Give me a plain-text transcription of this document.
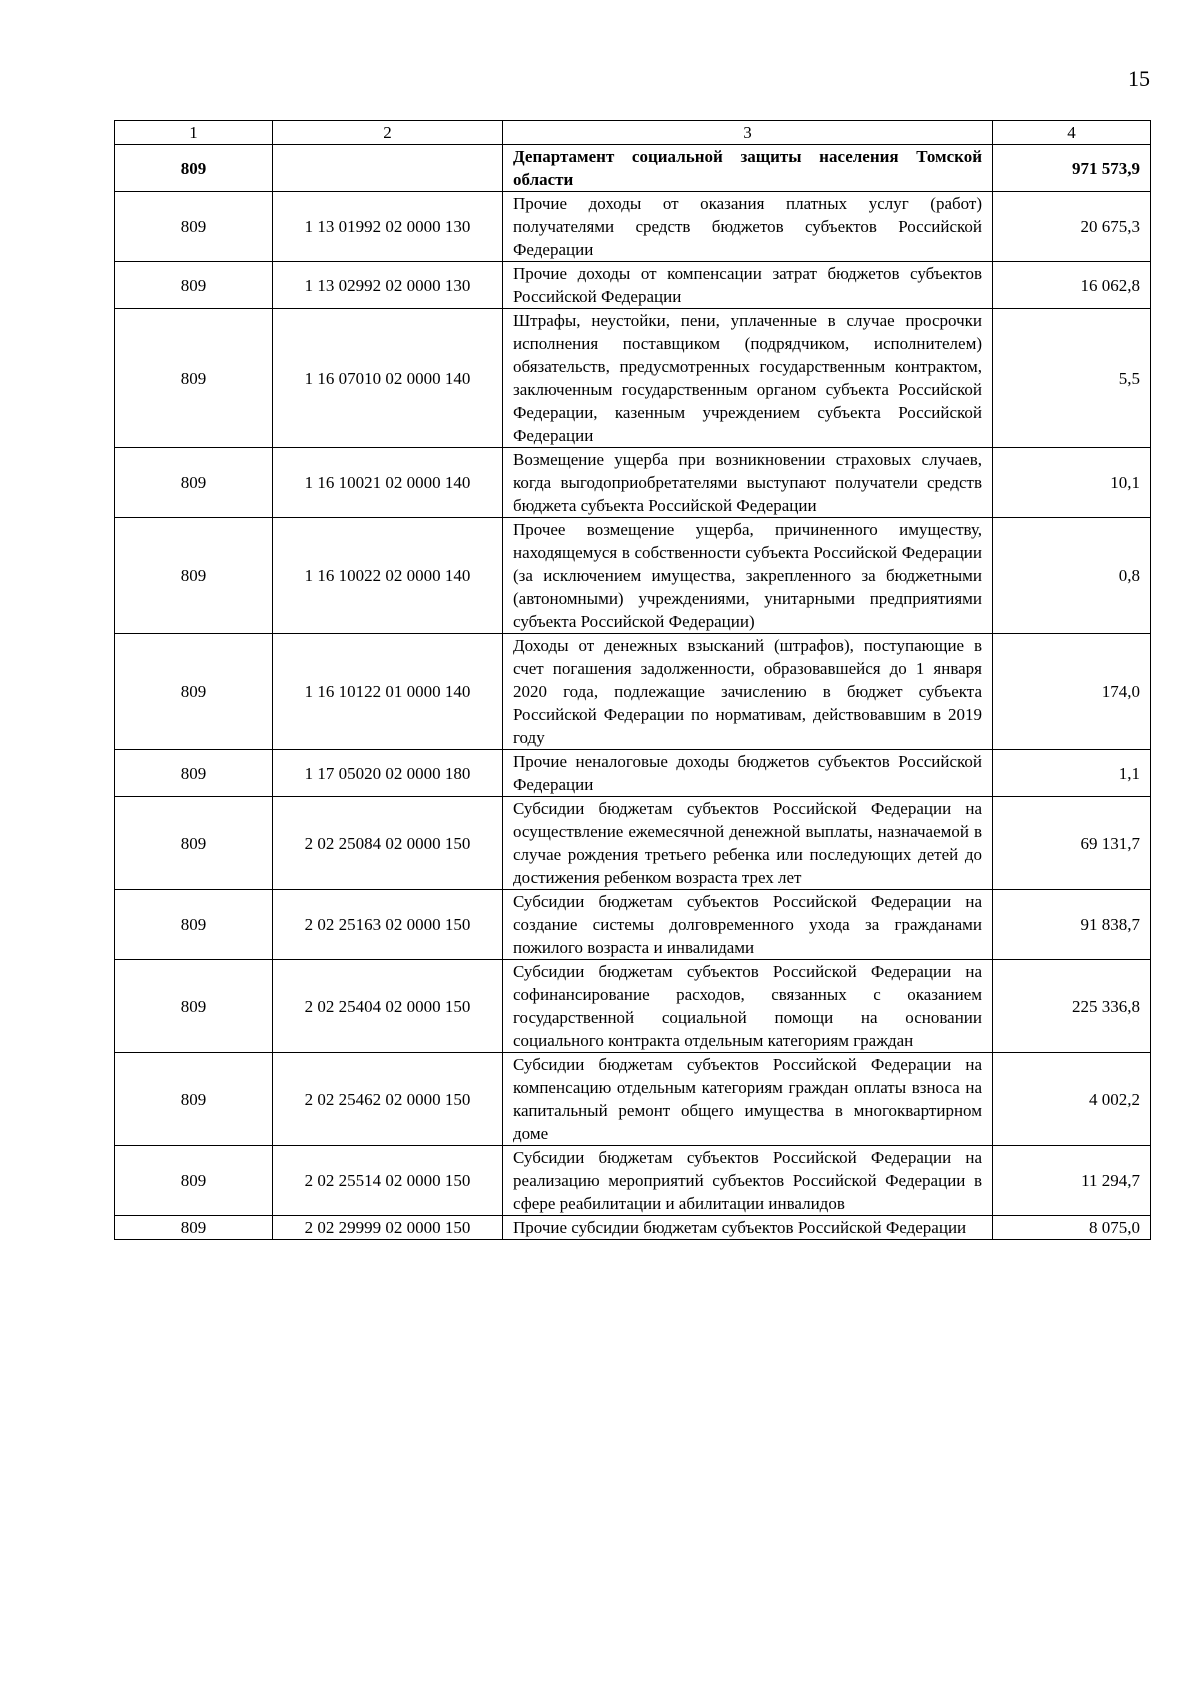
15
1	2	3	4
809		Департамент социальной защиты населения Томской области	971 573,9
809	1 13 01992 02 0000 130	Прочие доходы от оказания платных услуг (работ) получателями средств бюджетов субъектов Российской Федерации	20 675,3
809	1 13 02992 02 0000 130	Прочие доходы от компенсации затрат бюджетов субъектов Российской Федерации	16 062,8
809	1 16 07010 02 0000 140	Штрафы, неустойки, пени, уплаченные в случае просрочки исполнения поставщиком (подрядчиком, исполнителем) обязательств, предусмотренных государственным контрактом, заключенным государственным органом субъекта Российской Федерации, казенным учреждением субъекта Российской Федерации	5,5
809	1 16 10021 02 0000 140	Возмещение ущерба при возникновении страховых случаев, когда выгодоприобретателями выступают получатели средств бюджета субъекта Российской Федерации	10,1
809	1 16 10022 02 0000 140	Прочее возмещение ущерба, причиненного имуществу, находящемуся в собственности субъекта Российской Федерации (за исключением имущества, закрепленного за бюджетными (автономными) учреждениями, унитарными предприятиями субъекта Российской Федерации)	0,8
809	1 16 10122 01 0000 140	Доходы от денежных взысканий (штрафов), поступающие в счет погашения задолженности, образовавшейся до 1 января 2020 года, подлежащие зачислению в бюджет субъекта Российской Федерации по нормативам, действовавшим в 2019 году	174,0
809	1 17 05020 02 0000 180	Прочие неналоговые доходы бюджетов субъектов Российской Федерации	1,1
809	2 02 25084 02 0000 150	Субсидии бюджетам субъектов Российской Федерации на осуществление ежемесячной денежной выплаты, назначаемой в случае рождения третьего ребенка или последующих детей до достижения ребенком возраста трех лет	69 131,7
809	2 02 25163 02 0000 150	Субсидии бюджетам субъектов Российской Федерации на создание системы долговременного ухода за гражданами пожилого возраста и инвалидами	91 838,7
809	2 02 25404 02 0000 150	Субсидии бюджетам субъектов Российской Федерации на софинансирование расходов, связанных с оказанием государственной социальной помощи на основании социального контракта отдельным категориям граждан	225 336,8
809	2 02 25462 02 0000 150	Субсидии бюджетам субъектов Российской Федерации на компенсацию отдельным категориям граждан оплаты взноса на капитальный ремонт общего имущества в многоквартирном доме	4 002,2
809	2 02 25514 02 0000 150	Субсидии бюджетам субъектов Российской Федерации на реализацию мероприятий субъектов Российской Федерации в сфере реабилитации и абилитации инвалидов	11 294,7
809	2 02 29999 02 0000 150	Прочие субсидии бюджетам субъектов Российской Федерации	8 075,0
